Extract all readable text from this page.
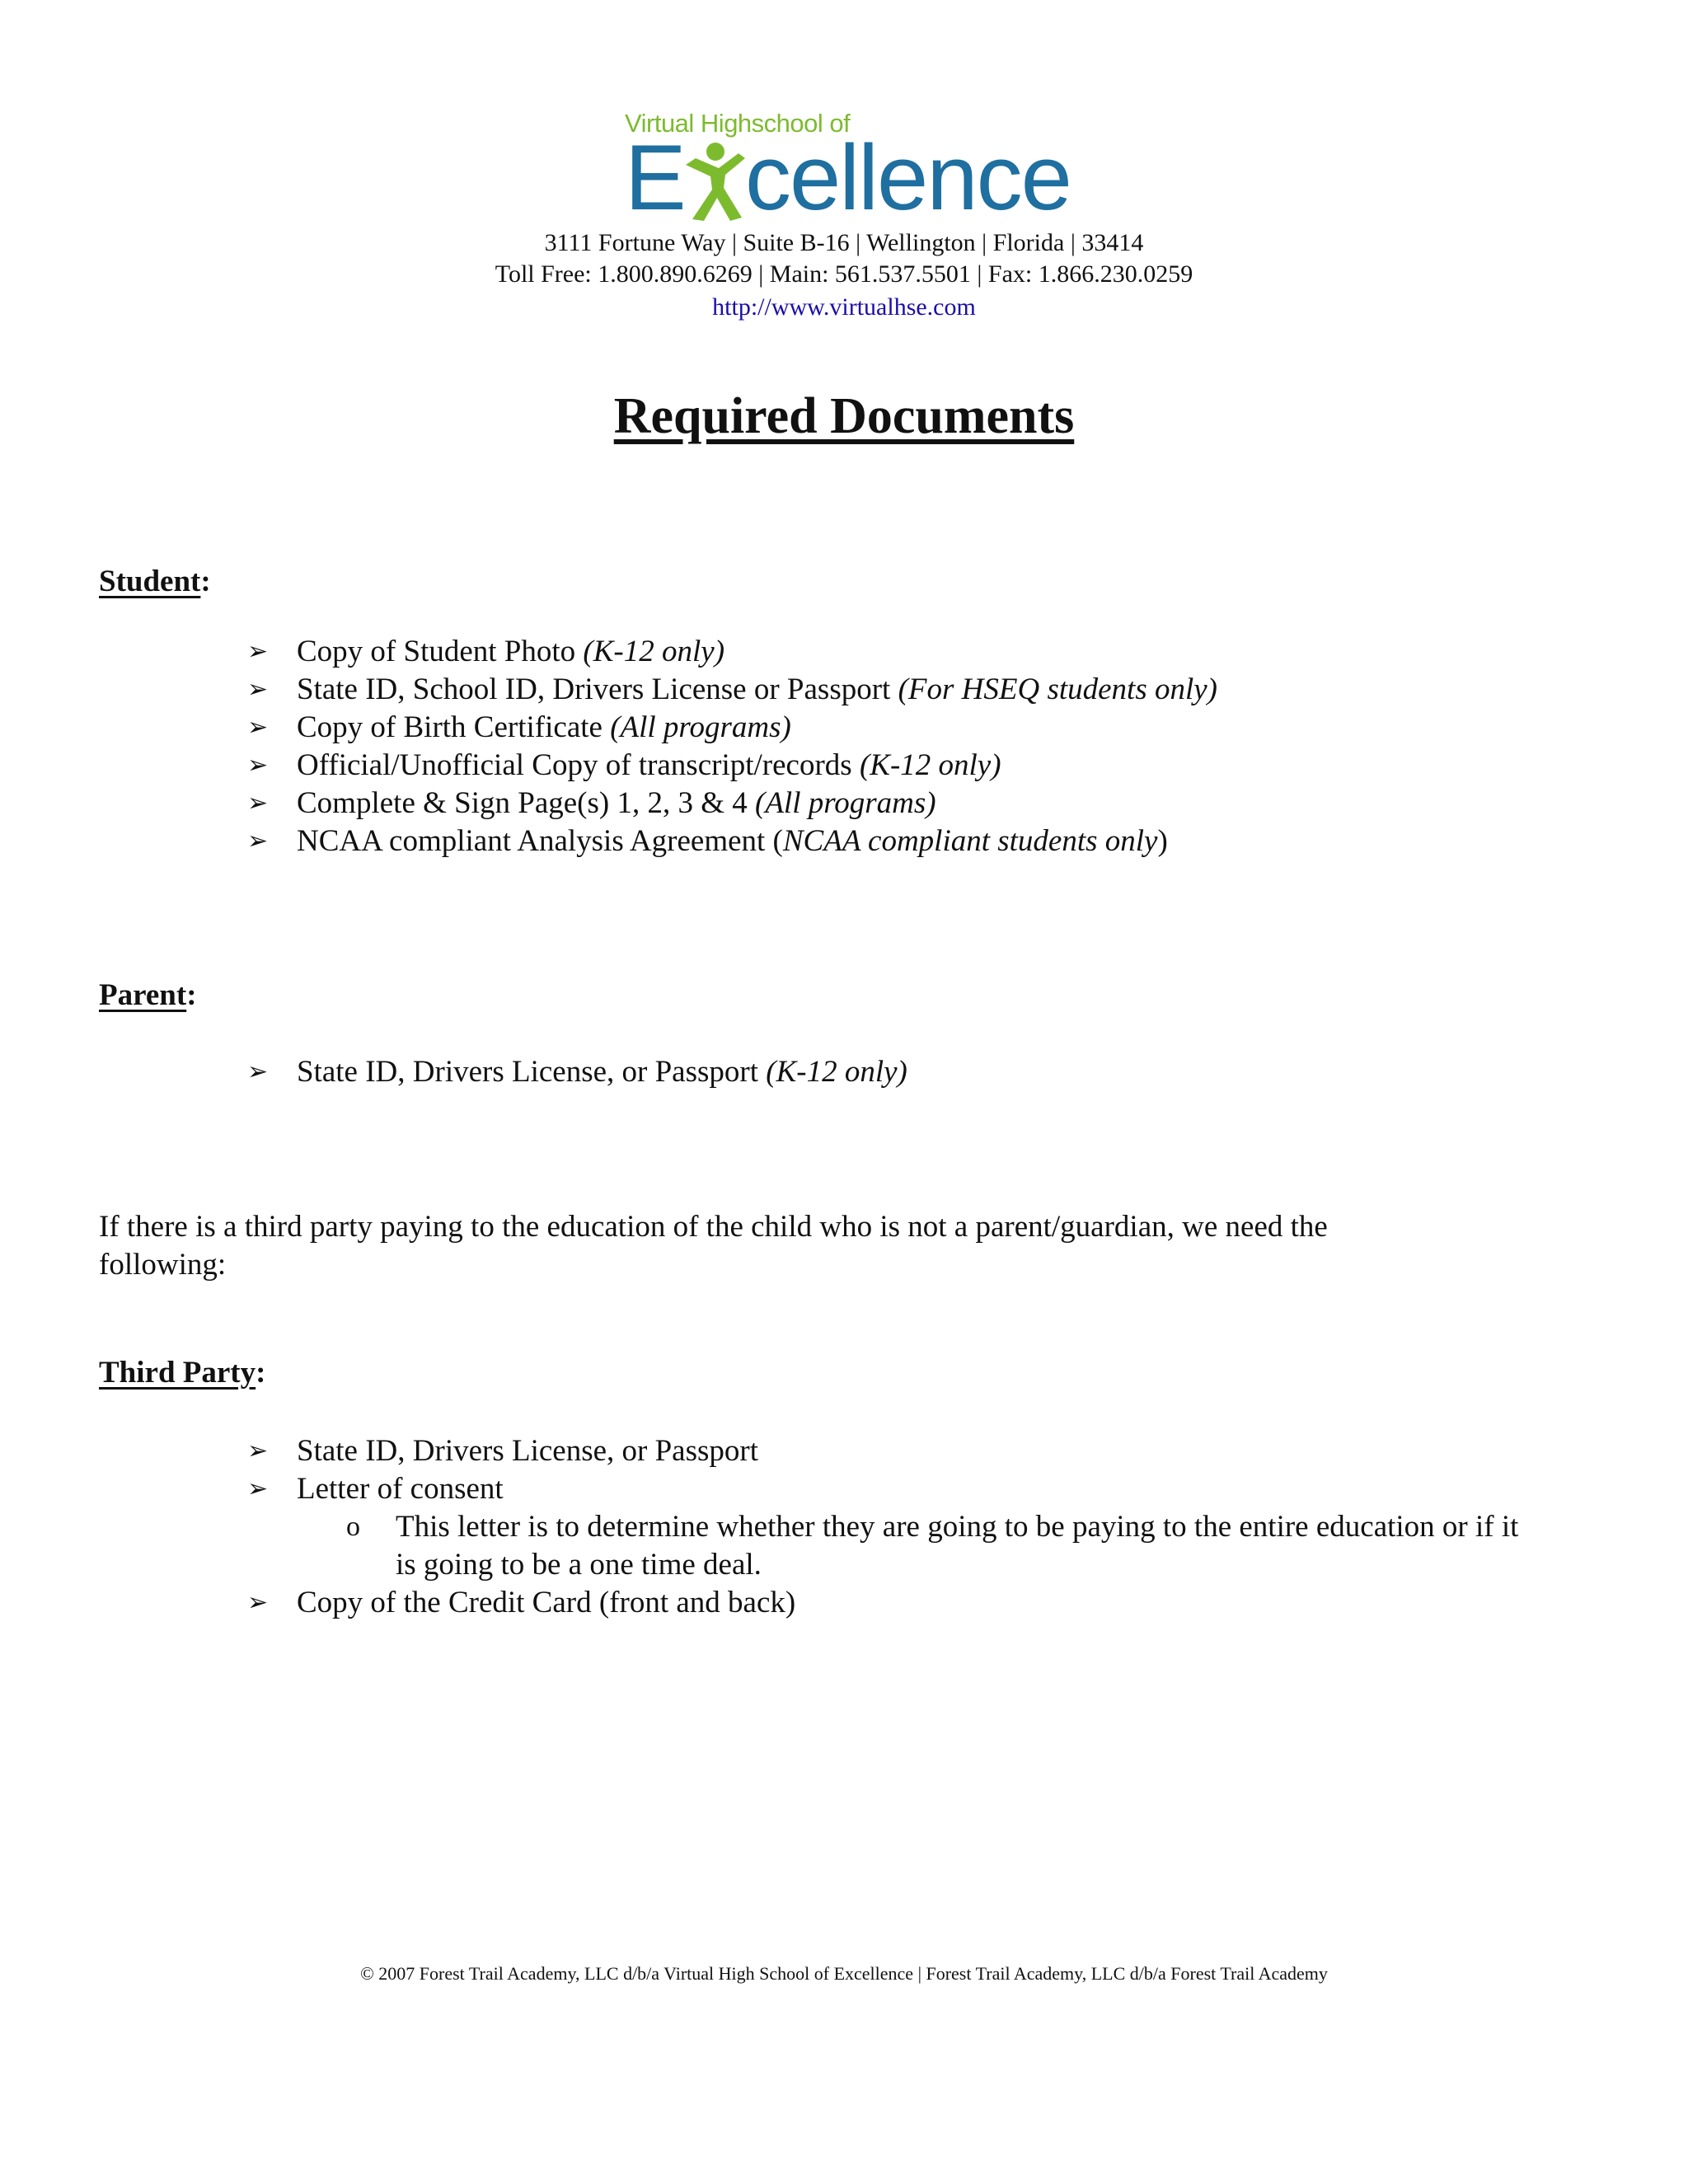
Virtual Highschool of
E cellence
3111 Fortune Way | Suite B-16 | Wellington | Florida | 33414
Toll Free: 1.800.890.6269 | Main: 561.537.5501 | Fax: 1.866.230.0259
http://www.virtualhse.com
Required Documents
Student:
➢ Copy of Student Photo (K-12 only)
➢ State ID, School ID, Drivers License or Passport (For HSEQ students only)
➢ Copy of Birth Certificate (All programs)
➢ Official/Unofficial Copy of transcript/records (K-12 only)
➢ Complete & Sign Page(s) 1, 2, 3 & 4 (All programs)
➢ NCAA compliant Analysis Agreement (NCAA compliant students only)
Parent:
➢ State ID, Drivers License, or Passport (K-12 only)
If there is a third party paying to the education of the child who is not a parent/guardian, we need the following:
Third Party:
➢ State ID, Drivers License, or Passport
➢ Letter of consent
o This letter is to determine whether they are going to be paying to the entire education or if it is going to be a one time deal.
➢ Copy of the Credit Card (front and back)
© 2007 Forest Trail Academy, LLC d/b/a Virtual High School of Excellence | Forest Trail Academy, LLC d/b/a Forest Trail Academy
